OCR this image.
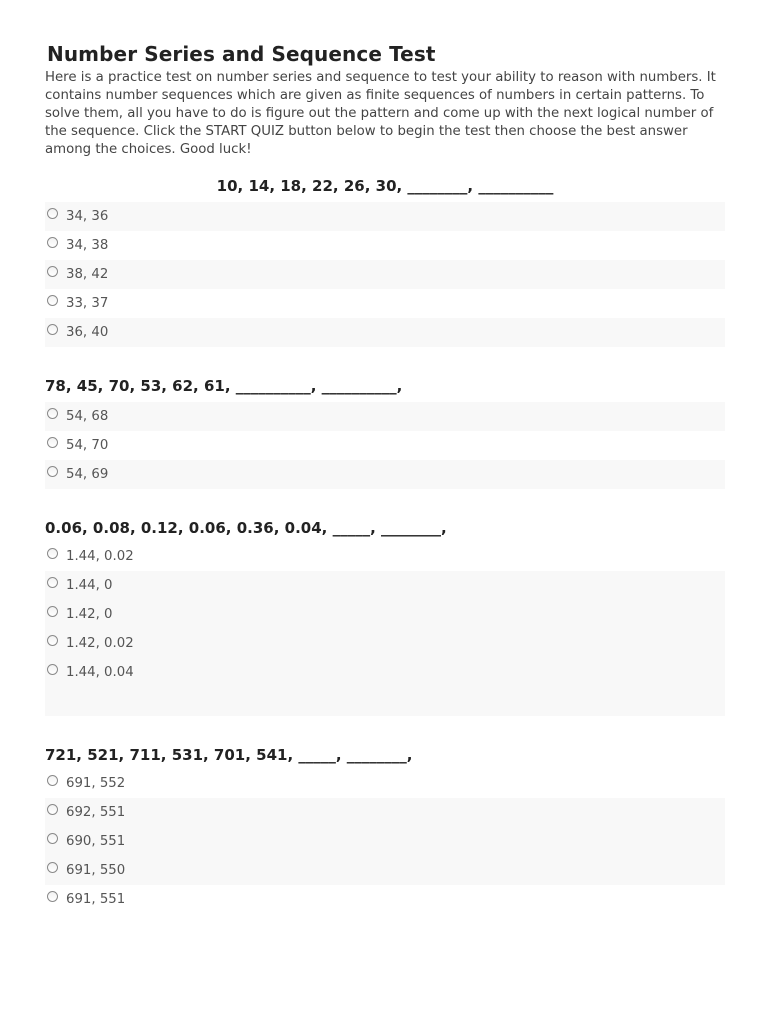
Number Series and Sequence Test

Here is a practice test on number series and sequence to test your ability to reason with numbers. It contains number sequences which are given as finite sequences of numbers in certain patterns. To solve them, all you have to do is figure out the pattern and come up with the next logical number of the sequence. Click the START QUIZ button below to begin the test then choose the best answer among the choices. Good luck!

10, 14, 18, 22, 26, 30, ________, __________
34, 36
34, 38
38, 42
33, 37
36, 40
78, 45, 70, 53, 62, 61, __________, __________,
54, 68
54, 70
54, 69
0.06, 0.08, 0.12, 0.06, 0.36, 0.04, _____, ________,
1.44, 0.02
1.44, 0
1.42, 0
1.42, 0.02
1.44, 0.04
721, 521, 711, 531, 701, 541, _____, ________,
691, 552
692, 551
690, 551
691, 550
691, 551
